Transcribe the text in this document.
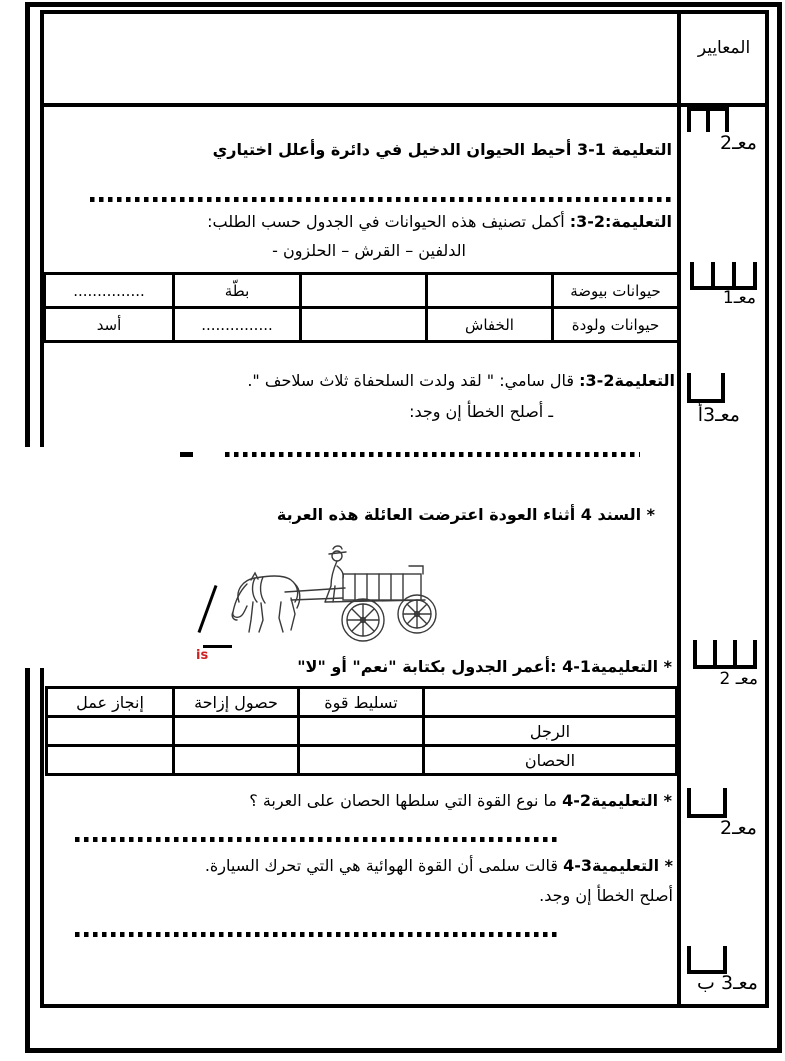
المعايير
معـ2
معـ1
معـ3أ
معـ 2
معـ2
معـ3 ب
التعليمة 1-3 أحيط الحيوان الدخيل في دائرة وأعلل اختياري
التعليمة:2-3: أكمل تصنيف هذه الحيوانات في الجدول حسب الطلب:
الدلفين – القرش – الحلزون -
حيوانات بيوضة			بطّة	...............
حيوانات ولودة	الخفاش		...............	أسد
التعليمة2-3: قال سامي: " لقد ولدت السلحفاة ثلاث سلاحف ".
ـ أصلح الخطأ إن وجد:
* السند 4 أثناء العودة اعترضت العائلة هذه العربة
is
* التعليمية1-4 :أعمر الجدول بكتابة "نعم" أو "لا"
	تسليط قوة	حصول إزاحة	إنجاز عمل
الرجل			
الحصان			
* التعليمية2-4 ما نوع القوة التي سلطها الحصان على العربة ؟
* التعليمية3-4 قالت سلمى أن القوة الهوائية هي التي تحرك السيارة.
أصلح الخطأ إن وجد.
